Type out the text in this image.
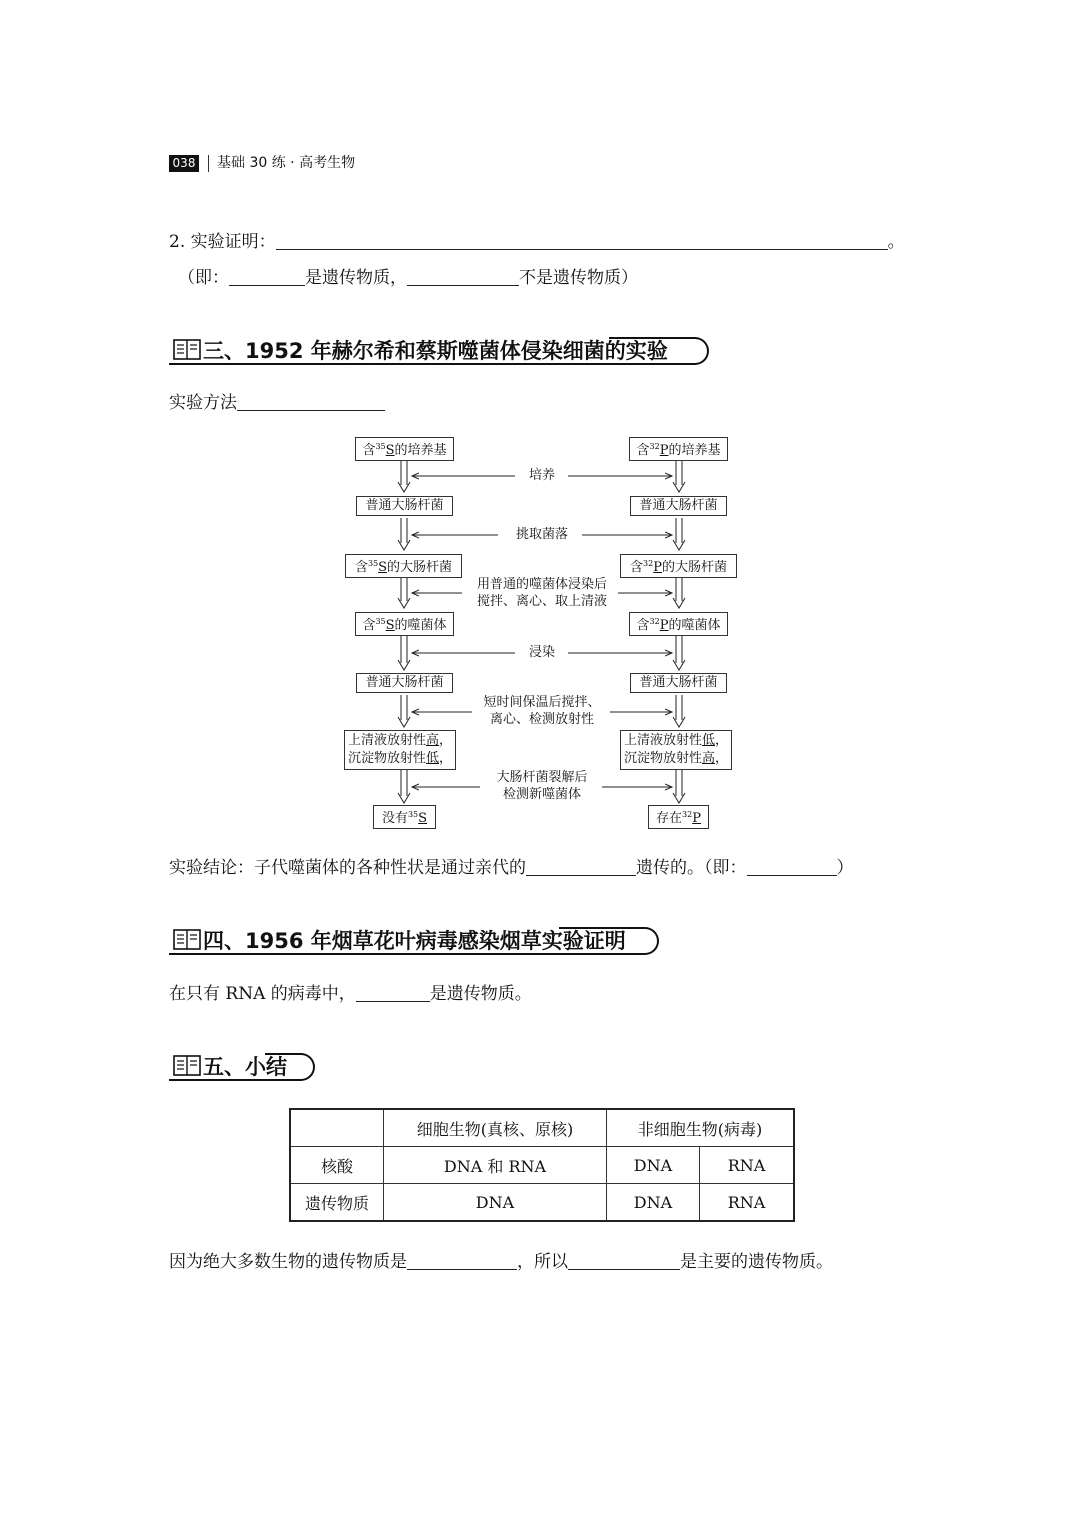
038 基础 30 练 · 高考生物
2. 实验证明：	。
（即：	是遗传物质，	不是遗传物质）
三、1952 年赫尔希和蔡斯噬菌体侵染细菌的实验
实验方法
含$^{35}$S的培养基
普通大肠杆菌
含$^{35}$S的大肠杆菌
含$^{35}$S的噬菌体
普通大肠杆菌
上清液放射性高，
沉淀物放射性低，
没有$^{35}$S
含$^{32}$P的培养基
普通大肠杆菌
含$^{32}$P的大肠杆菌
含$^{32}$P的噬菌体
普通大肠杆菌
上清液放射性低，
沉淀物放射性高，
存在$^{32}$P
培养
挑取菌落
用普通的噬菌体浸染后
搅拌、离心、取上清液
浸染
短时间保温后搅拌、
离心、检测放射性
大肠杆菌裂解后
检测新噬菌体
实验结论：子代噬菌体的各种性状是通过亲代的	遗传的。（即：	）
四、1956 年烟草花叶病毒感染烟草实验证明
在只有 RNA 的病毒中，	是遗传物质。
五、小结
	细胞生物(真核、原核)	非细胞生物(病毒)	
核酸	DNA 和 RNA	DNA	RNA
遗传物质	DNA	DNA	RNA
因为绝大多数生物的遗传物质是	，所以	是主要的遗传物质。
